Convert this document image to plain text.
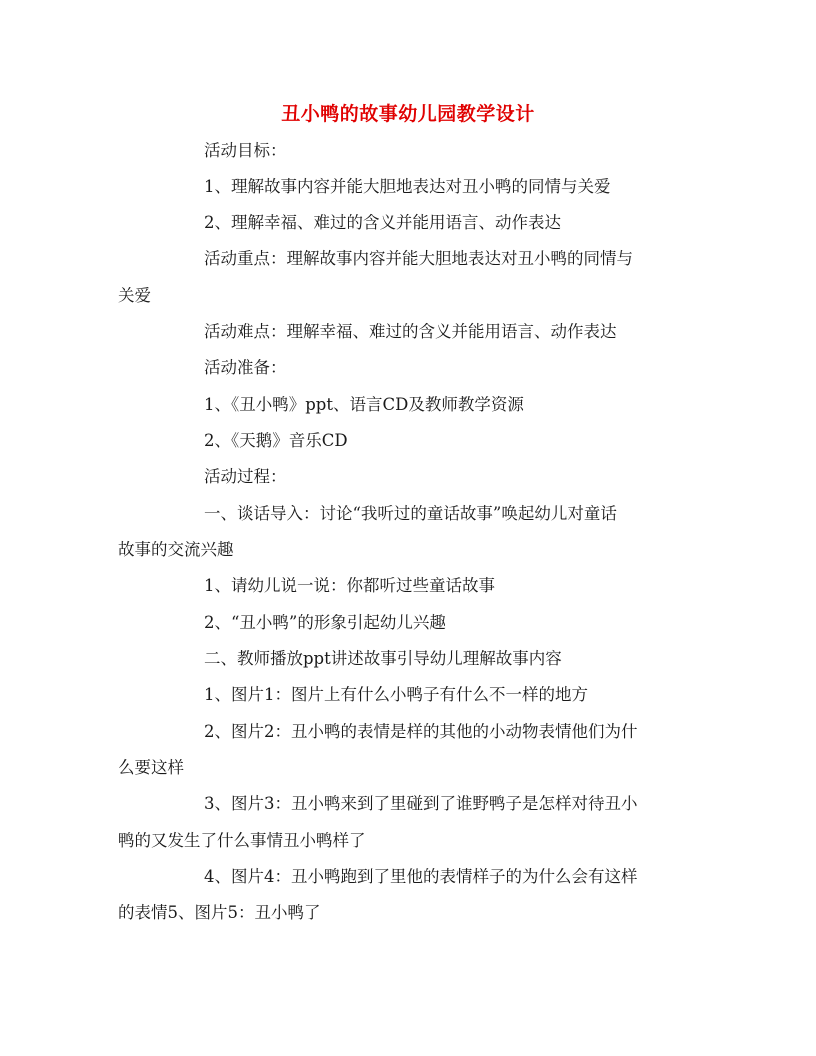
丑小鸭的故事幼儿园教学设计
活动目标：
1、理解故事内容并能大胆地表达对丑小鸭的同情与关爱
2、理解幸福、难过的含义并能用语言、动作表达
活动重点：理解故事内容并能大胆地表达对丑小鸭的同情与
关爱
活动难点：理解幸福、难过的含义并能用语言、动作表达
活动准备：
1、《丑小鸭》ppt、语言CD及教师教学资源
2、《天鹅》音乐CD
活动过程：
一、谈话导入：讨论“我听过的童话故事”唤起幼儿对童话
故事的交流兴趣
1、请幼儿说一说：你都听过些童话故事
2、“丑小鸭”的形象引起幼儿兴趣
二、教师播放ppt讲述故事引导幼儿理解故事内容
1、图片1：图片上有什么小鸭子有什么不一样的地方
2、图片2：丑小鸭的表情是样的其他的小动物表情他们为什
么要这样
3、图片3：丑小鸭来到了里碰到了谁野鸭子是怎样对待丑小
鸭的又发生了什么事情丑小鸭样了
4、图片4：丑小鸭跑到了里他的表情样子的为什么会有这样
的表情5、图片5：丑小鸭了
